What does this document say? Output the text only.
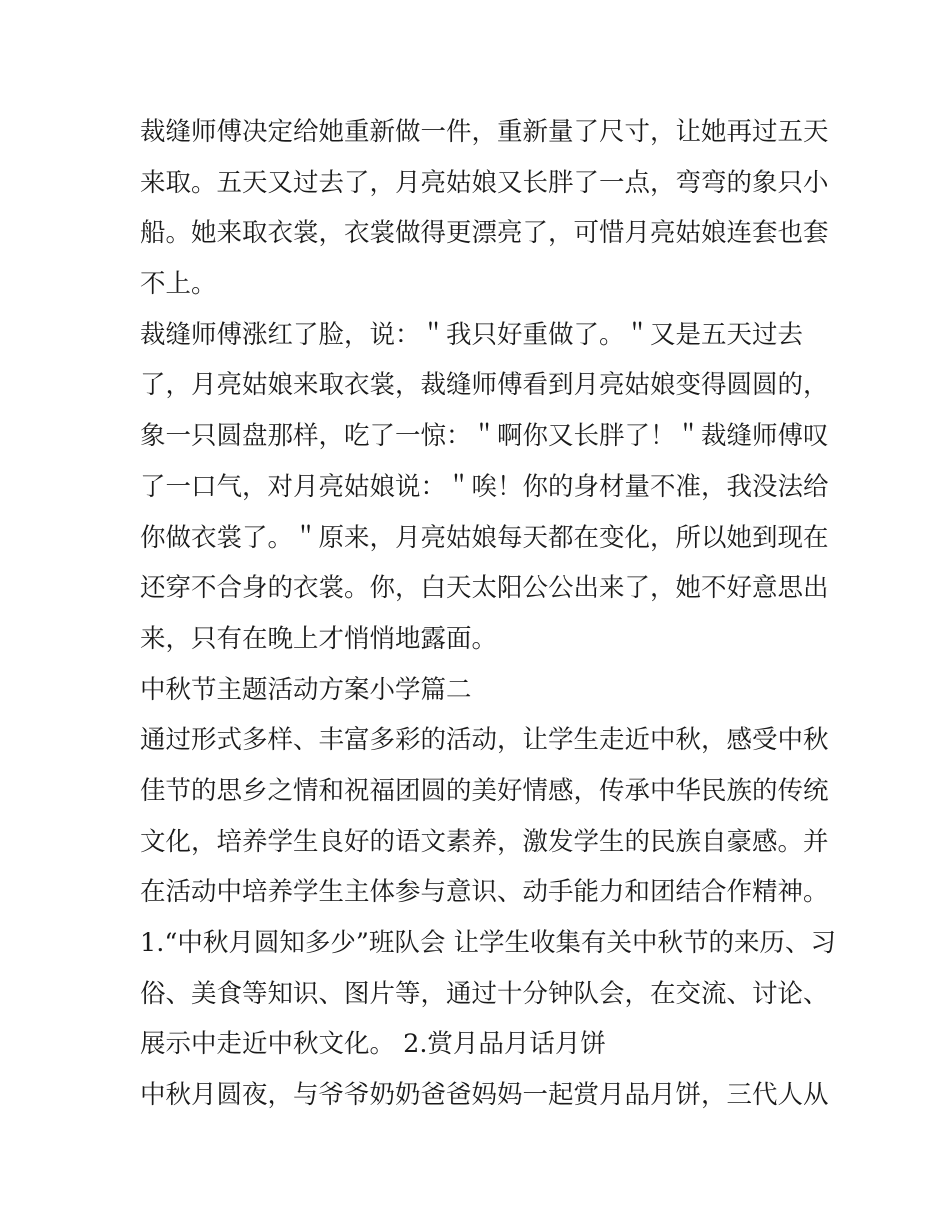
裁缝师傅决定给她重新做一件，重新量了尺寸，让她再过五天
来取。五天又过去了，月亮姑娘又长胖了一点，弯弯的象只小
船。她来取衣裳，衣裳做得更漂亮了，可惜月亮姑娘连套也套
不上。
裁缝师傅涨红了脸，说：＂我只好重做了。＂又是五天过去
了，月亮姑娘来取衣裳，裁缝师傅看到月亮姑娘变得圆圆的，
象一只圆盘那样，吃了一惊：＂啊你又长胖了！＂裁缝师傅叹
了一口气，对月亮姑娘说：＂唉！你的身材量不准，我没法给
你做衣裳了。＂原来，月亮姑娘每天都在变化，所以她到现在
还穿不合身的衣裳。你，白天太阳公公出来了，她不好意思出
来，只有在晚上才悄悄地露面。
中秋节主题活动方案小学篇二
通过形式多样、丰富多彩的活动，让学生走近中秋，感受中秋
佳节的思乡之情和祝福团圆的美好情感，传承中华民族的传统
文化，培养学生良好的语文素养，激发学生的民族自豪感。并
在活动中培养学生主体参与意识、动手能力和团结合作精神。
1.“中秋月圆知多少”班队会 让学生收集有关中秋节的来历、习
俗、美食等知识、图片等，通过十分钟队会，在交流、讨论、
展示中走近中秋文化。 2.赏月品月话月饼
中秋月圆夜，与爷爷奶奶爸爸妈妈一起赏月品月饼，三代人从
